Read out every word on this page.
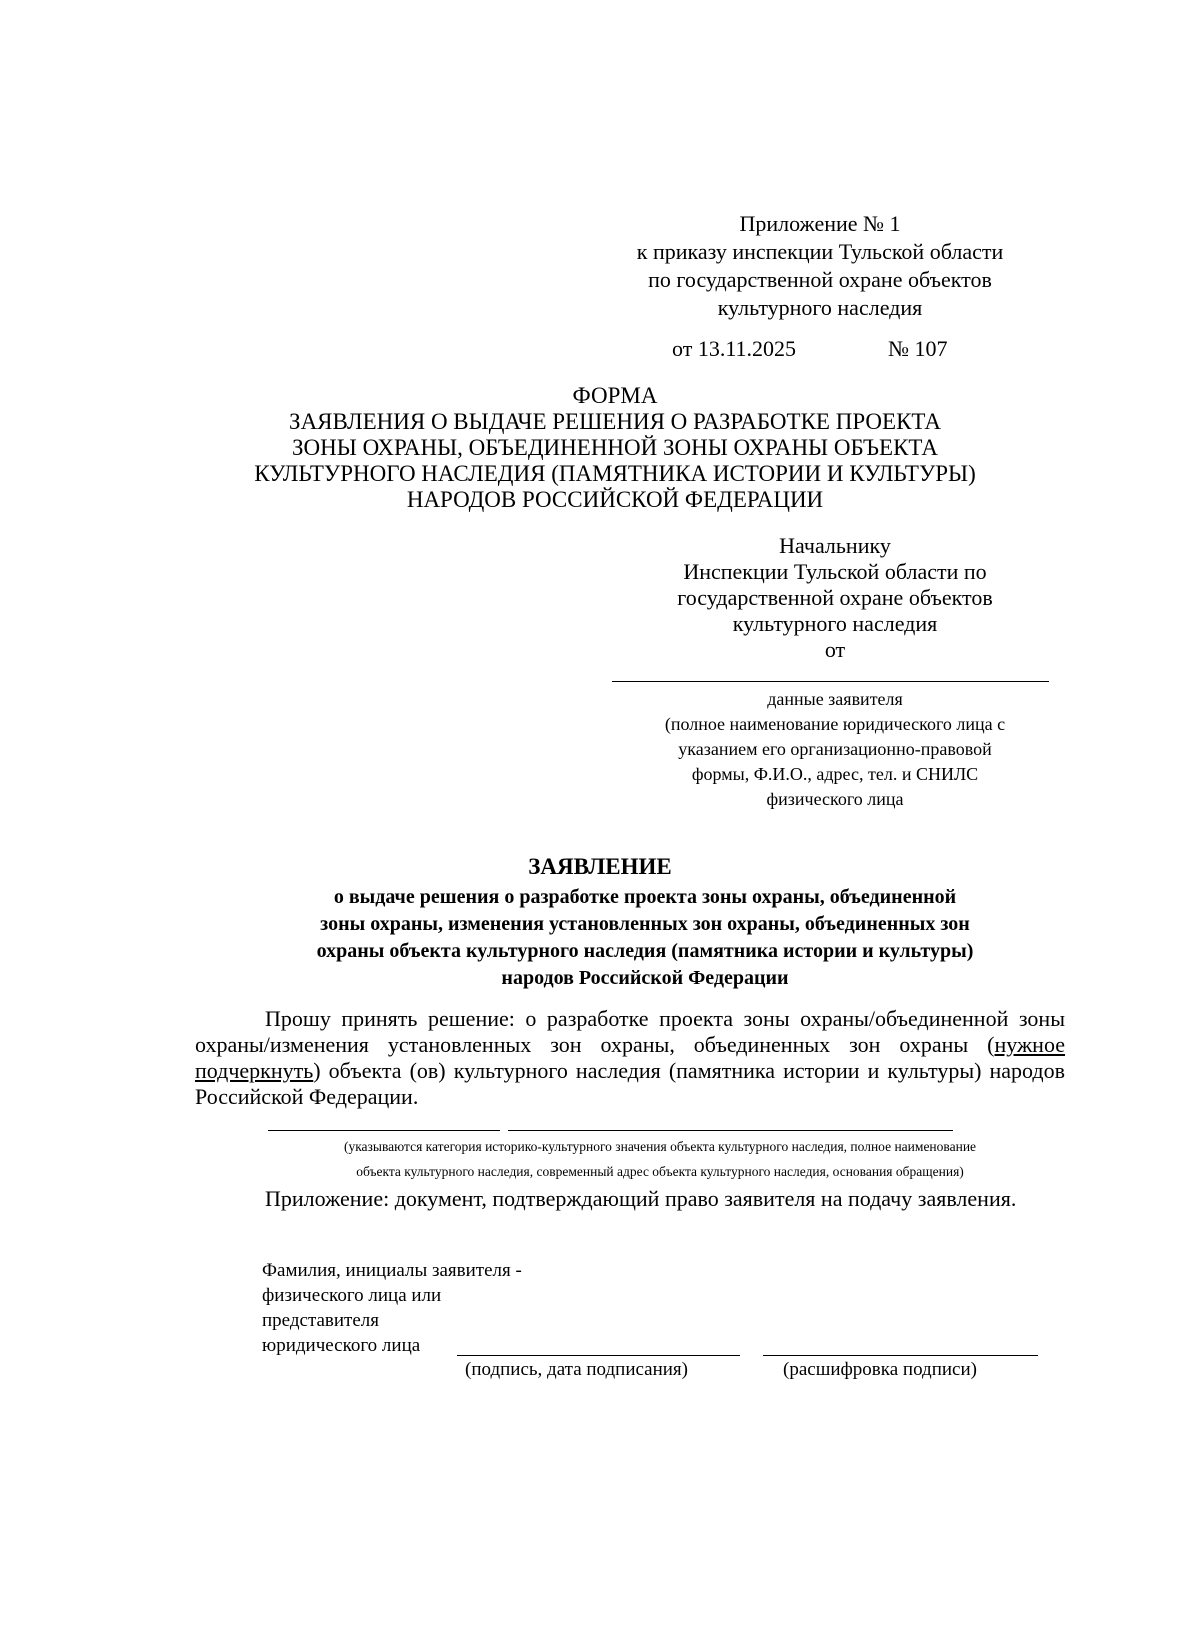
Приложение № 1
к приказу инспекции Тульской области
по государственной охране объектов
культурного наследия
от 13.11.2025	№ 107
ФОРМА
ЗАЯВЛЕНИЯ О ВЫДАЧЕ РЕШЕНИЯ О РАЗРАБОТКЕ ПРОЕКТА
ЗОНЫ ОХРАНЫ, ОБЪЕДИНЕННОЙ ЗОНЫ ОХРАНЫ ОБЪЕКТА
КУЛЬТУРНОГО НАСЛЕДИЯ (ПАМЯТНИКА ИСТОРИИ И КУЛЬТУРЫ)
НАРОДОВ РОССИЙСКОЙ ФЕДЕРАЦИИ
Начальнику
Инспекции Тульской области по
государственной охране объектов
культурного наследия
от
данные заявителя
(полное наименование юридического лица с
указанием его организационно-правовой
формы, Ф.И.О., адрес, тел. и СНИЛС
физического лица
ЗАЯВЛЕНИЕ
о выдаче решения о разработке проекта зоны охраны, объединенной
зоны охраны, изменения установленных зон охраны, объединенных зон
охраны объекта культурного наследия (памятника истории и культуры)
народов Российской Федерации
Прошу принять решение: о разработке проекта зоны охраны/объединенной зоны охраны/изменения установленных зон охраны, объединенных зон охраны (нужное подчеркнуть) объекта (ов) культурного наследия (памятника истории и культуры) народов Российской Федерации.
(указываются категория историко-культурного значения объекта культурного наследия, полное наименование
объекта культурного наследия, современный адрес объекта культурного наследия, основания обращения)
Приложение: документ, подтверждающий право заявителя на подачу заявления.
Фамилия, инициалы заявителя -
физического лица или
представителя
юридического лица
(подпись, дата подписания)	(расшифровка подписи)
